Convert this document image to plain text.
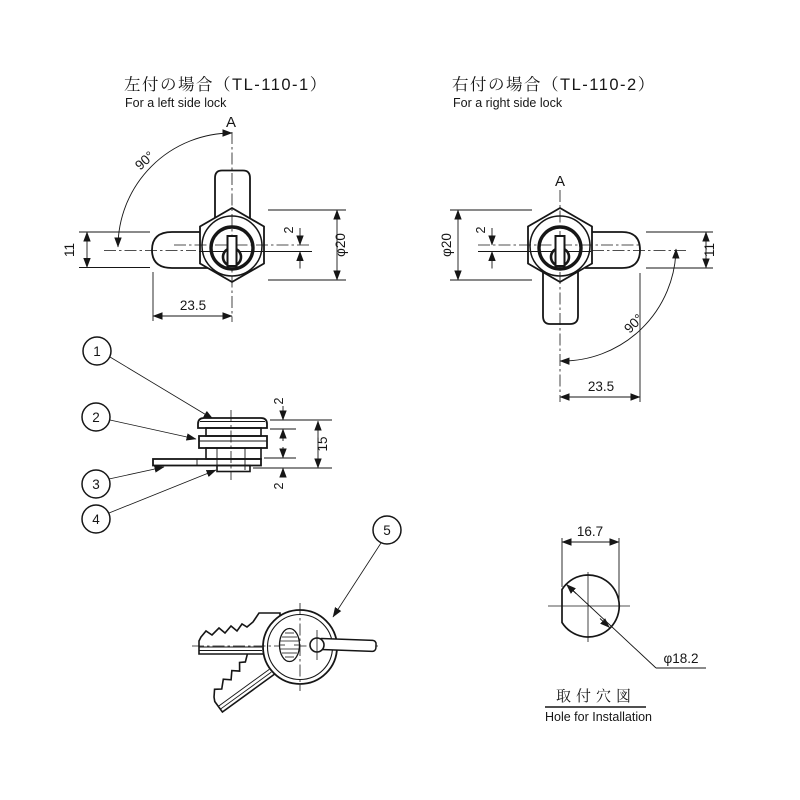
左付の場合（TL-110-1）
For a left side lock
90°
A
2
φ20
11
23.5
右付の場合（TL-110-2）
For a right side lock
A
90°
2
φ20	11
23.5
1
2
3
4
2
2
15
5	16.7
φ18.2
取付穴図
Hole for Installation
